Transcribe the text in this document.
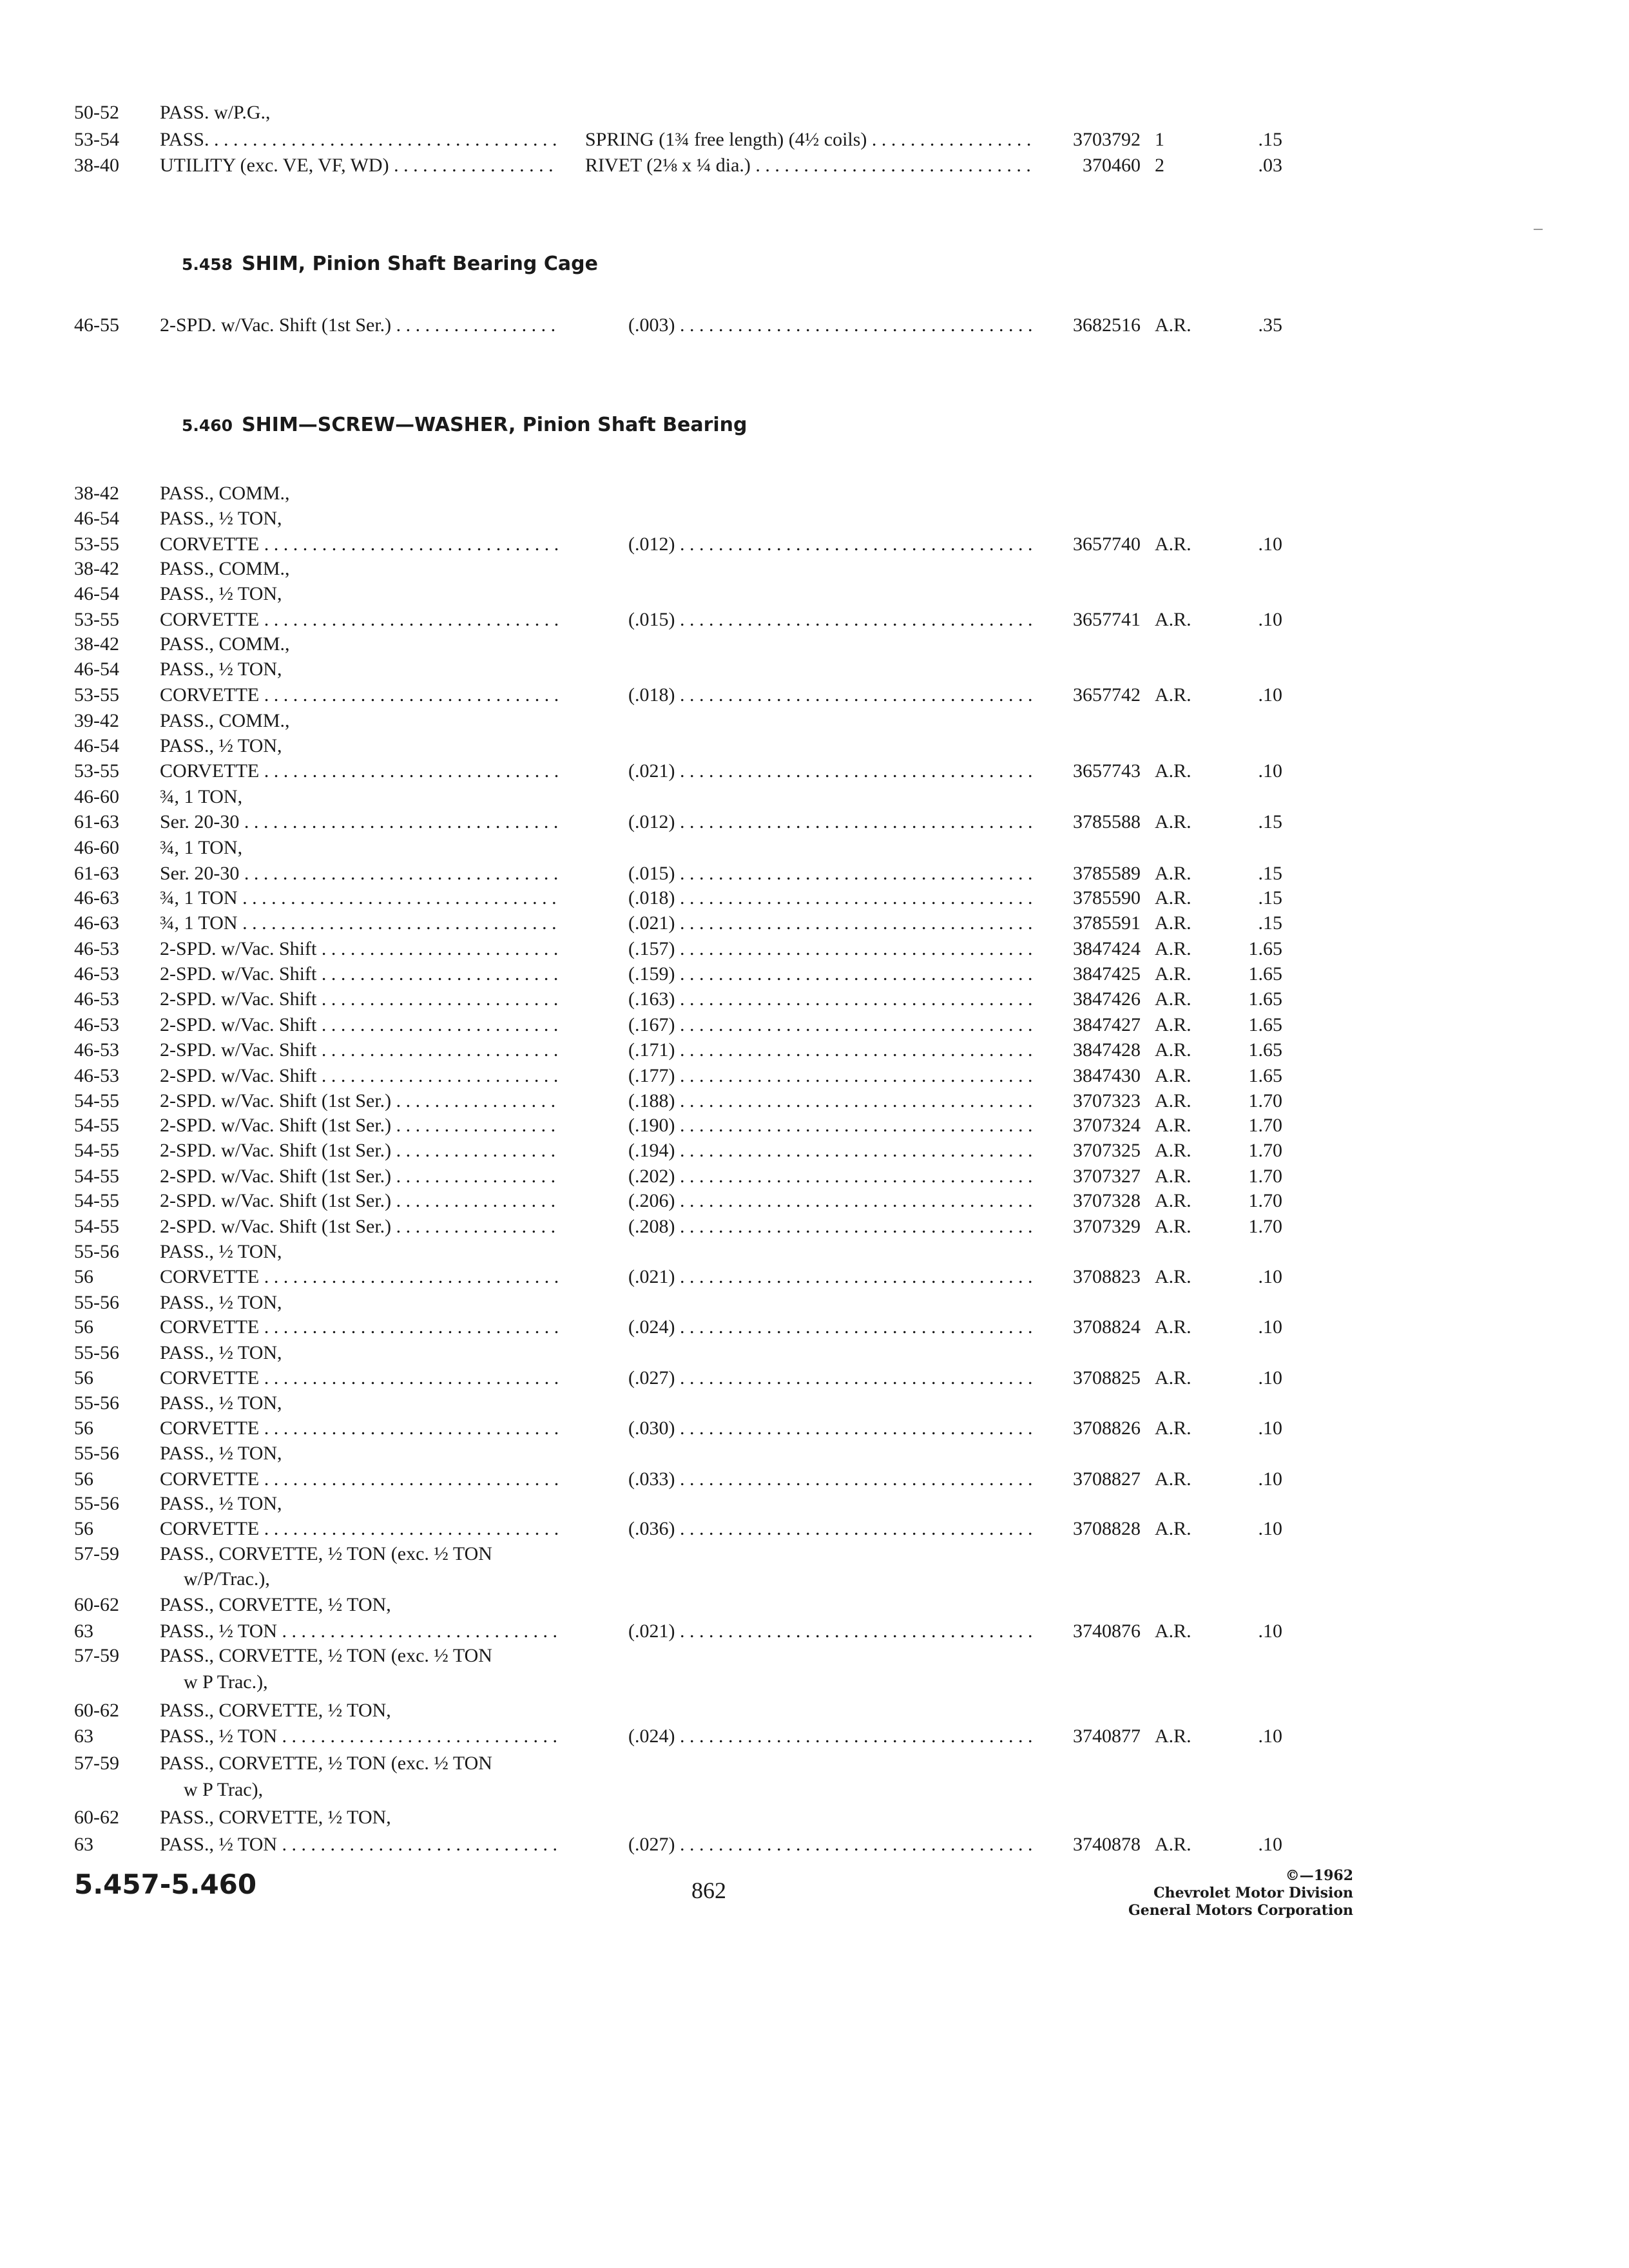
50-52	PASS. w/P.G.,
53-54	PASS. . . .	SPRING (1¾ free length) (4½ coils) . . .	3703792 1	.15
38-40	UTILITY (exc. VE, VF, WD) . . .	RIVET (2⅛ x ¼ dia.) . . .	370460 2	.03
5.458 SHIM, Pinion Shaft Bearing Cage
46-55	2-SPD. w/Vac. Shift (1st Ser.) . . .	(.003) . . .	3682516 A.R.	.35
5.460 SHIM—SCREW—WASHER, Pinion Shaft Bearing
38-42	PASS., COMM.,
46-54	PASS., ½ TON,
53-55	CORVETTE . . .	(.012) . . .	3657740 A.R.	.10
38-42	PASS., COMM.,
46-54	PASS., ½ TON,
53-55	CORVETTE . . .	(.015) . . .	3657741 A.R.	.10
38-42	PASS., COMM.,
46-54	PASS., ½ TON,
53-55	CORVETTE . . .	(.018) . . .	3657742 A.R.	.10
39-42	PASS., COMM.,
46-54	PASS., ½ TON,
53-55	CORVETTE . . .	(.021) . . .	3657743 A.R.	.10
46-60	¾, 1 TON,
61-63	Ser. 20-30 . . .	(.012) . . .	3785588 A.R.	.15
46-60	¾, 1 TON,
61-63	Ser. 20-30 . . .	(.015) . . .	3785589 A.R.	.15
46-63	¾, 1 TON . . .	(.018) . . .	3785590 A.R.	.15
46-63	¾, 1 TON . . .	(.021) . . .	3785591 A.R.	.15
46-53	2-SPD. w/Vac. Shift . . .	(.157) . . .	3847424 A.R.	1.65
46-53	2-SPD. w/Vac. Shift . . .	(.159) . . .	3847425 A.R.	1.65
46-53	2-SPD. w/Vac. Shift . . .	(.163) . . .	3847426 A.R.	1.65
46-53	2-SPD. w/Vac. Shift . . .	(.167) . . .	3847427 A.R.	1.65
46-53	2-SPD. w/Vac. Shift . . .	(.171) . . .	3847428 A.R.	1.65
46-53	2-SPD. w/Vac. Shift . . .	(.177) . . .	3847430 A.R.	1.65
54-55	2-SPD. w/Vac. Shift (1st Ser.) . . .	(.188) . . .	3707323 A.R.	1.70
54-55	2-SPD. w/Vac. Shift (1st Ser.) . . .	(.190) . . .	3707324 A.R.	1.70
54-55	2-SPD. w/Vac. Shift (1st Ser.) . . .	(.194) . . .	3707325 A.R.	1.70
54-55	2-SPD. w/Vac. Shift (1st Ser.) . . .	(.202) . . .	3707327 A.R.	1.70
54-55	2-SPD. w/Vac. Shift (1st Ser.) . . .	(.206) . . .	3707328 A.R.	1.70
54-55	2-SPD. w/Vac. Shift (1st Ser.) . . .	(.208) . . .	3707329 A.R.	1.70
55-56	PASS., ½ TON,
56	CORVETTE . . .	(.021) . . .	3708823 A.R.	.10
55-56	PASS., ½ TON,
56	CORVETTE . . .	(.024) . . .	3708824 A.R.	.10
55-56	PASS., ½ TON,
56	CORVETTE . . .	(.027) . . .	3708825 A.R.	.10
55-56	PASS., ½ TON,
56	CORVETTE . . .	(.030) . . .	3708826 A.R.	.10
55-56	PASS., ½ TON,
56	CORVETTE . . .	(.033) . . .	3708827 A.R.	.10
55-56	PASS., ½ TON,
56	CORVETTE . . .	(.036) . . .	3708828 A.R.	.10
57-59	PASS., CORVETTE, ½ TON (exc. ½ TON
w/P/Trac.),
60-62	PASS., CORVETTE, ½ TON,
63	PASS., ½ TON . . .	(.021) . . .	3740876 A.R.	.10
57-59	PASS., CORVETTE, ½ TON (exc. ½ TON
w P Trac.),
60-62	PASS., CORVETTE, ½ TON,
63	PASS., ½ TON . . .	(.024) . . .	3740877 A.R.	.10
57-59	PASS., CORVETTE, ½ TON (exc. ½ TON
w P Trac),
60-62	PASS., CORVETTE, ½ TON,
63	PASS., ½ TON . . .	(.027) . . .	3740878 A.R.	.10
5.457-5.460	862
©—1962
Chevrolet Motor Division
General Motors Corporation
